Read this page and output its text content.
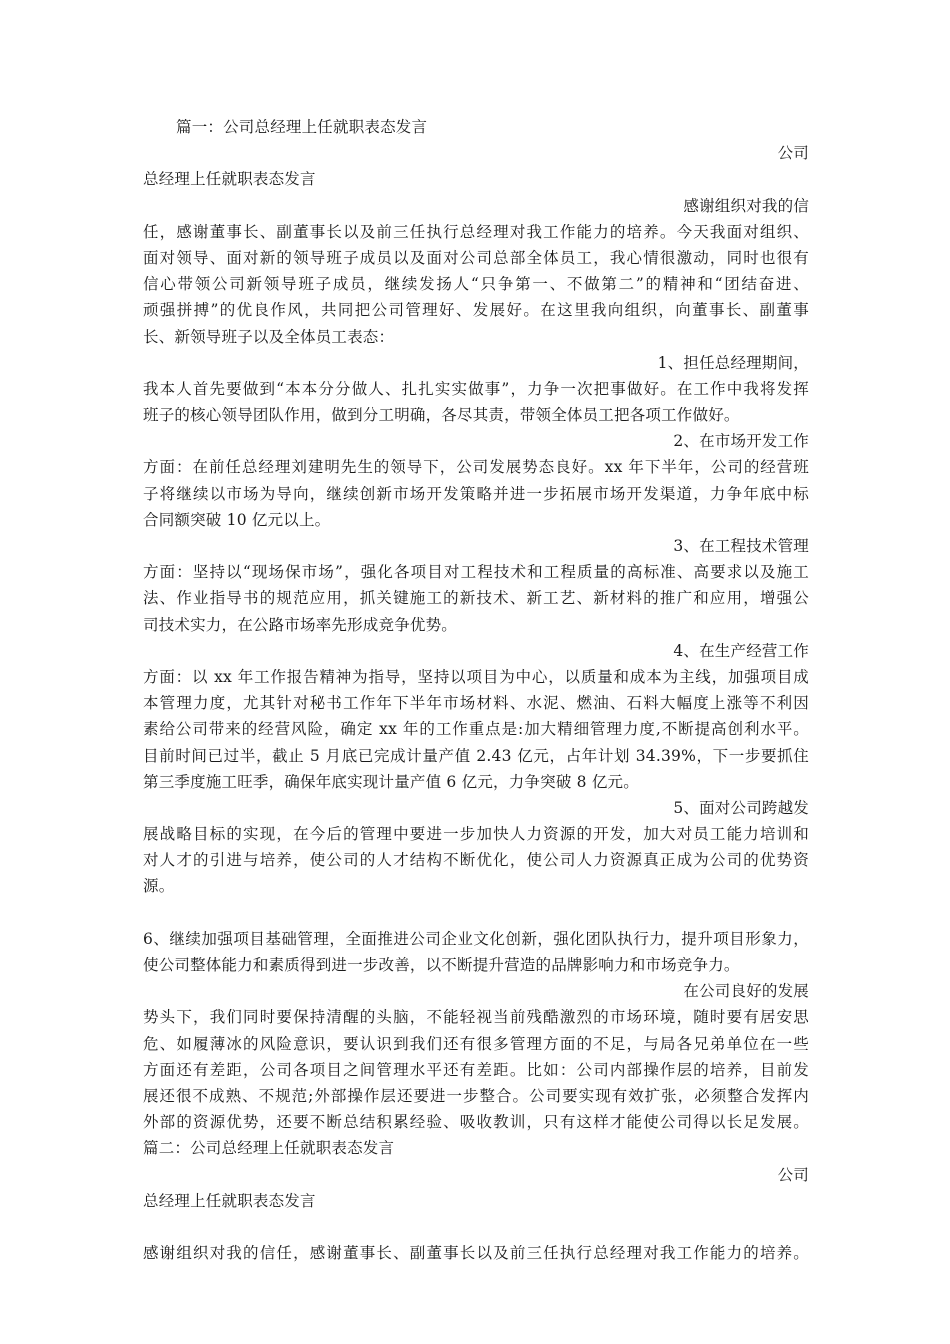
篇一：公司总经理上任就职表态发言
公司
总经理上任就职表态发言
感谢组织对我的信
任，感谢董事长、副董事长以及前三任执行总经理对我工作能力的培养。今天我面对组织、
面对领导、面对新的领导班子成员以及面对公司总部全体员工，我心情很激动，同时也很有
信心带领公司新领导班子成员，继续发扬人“只争第一、不做第二”的精神和“团结奋进、
顽强拼搏”的优良作风，共同把公司管理好、发展好。在这里我向组织，向董事长、副董事
长、新领导班子以及全体员工表态：
1、担任总经理期间，
我本人首先要做到“本本分分做人、扎扎实实做事”，力争一次把事做好。在工作中我将发挥
班子的核心领导团队作用，做到分工明确，各尽其责，带领全体员工把各项工作做好。
2、在市场开发工作
方面：在前任总经理刘建明先生的领导下，公司发展势态良好。xx 年下半年，公司的经营班
子将继续以市场为导向，继续创新市场开发策略并进一步拓展市场开发渠道，力争年底中标
合同额突破 10 亿元以上。
3、在工程技术管理
方面：坚持以“现场保市场”，强化各项目对工程技术和工程质量的高标准、高要求以及施工
法、作业指导书的规范应用，抓关键施工的新技术、新工艺、新材料的推广和应用，增强公
司技术实力，在公路市场率先形成竞争优势。
4、在生产经营工作
方面：以 xx 年工作报告精神为指导，坚持以项目为中心，以质量和成本为主线，加强项目成
本管理力度，尤其针对秘书工作年下半年市场材料、水泥、燃油、石料大幅度上涨等不利因
素给公司带来的经营风险，确定 xx 年的工作重点是:加大精细管理力度,不断提高创利水平。
目前时间已过半，截止 5 月底已完成计量产值 2.43 亿元，占年计划 34.39%，下一步要抓住
第三季度施工旺季，确保年底实现计量产值 6 亿元，力争突破 8 亿元。
5、面对公司跨越发
展战略目标的实现，在今后的管理中要进一步加快人力资源的开发，加大对员工能力培训和
对人才的引进与培养，使公司的人才结构不断优化，使公司人力资源真正成为公司的优势资
源。
6、继续加强项目基础管理，全面推进公司企业文化创新，强化团队执行力，提升项目形象力，
使公司整体能力和素质得到进一步改善，以不断提升营造的品牌影响力和市场竞争力。
在公司良好的发展
势头下，我们同时要保持清醒的头脑，不能轻视当前残酷激烈的市场环境，随时要有居安思
危、如履薄冰的风险意识，要认识到我们还有很多管理方面的不足，与局各兄弟单位在一些
方面还有差距，公司各项目之间管理水平还有差距。比如：公司内部操作层的培养，目前发
展还很不成熟、不规范;外部操作层还要进一步整合。公司要实现有效扩张，必须整合发挥内
外部的资源优势，还要不断总结积累经验、吸收教训，只有这样才能使公司得以长足发展。
篇二：公司总经理上任就职表态发言
公司
总经理上任就职表态发言
感谢组织对我的信任，感谢董事长、副董事长以及前三任执行总经理对我工作能力的培养。
